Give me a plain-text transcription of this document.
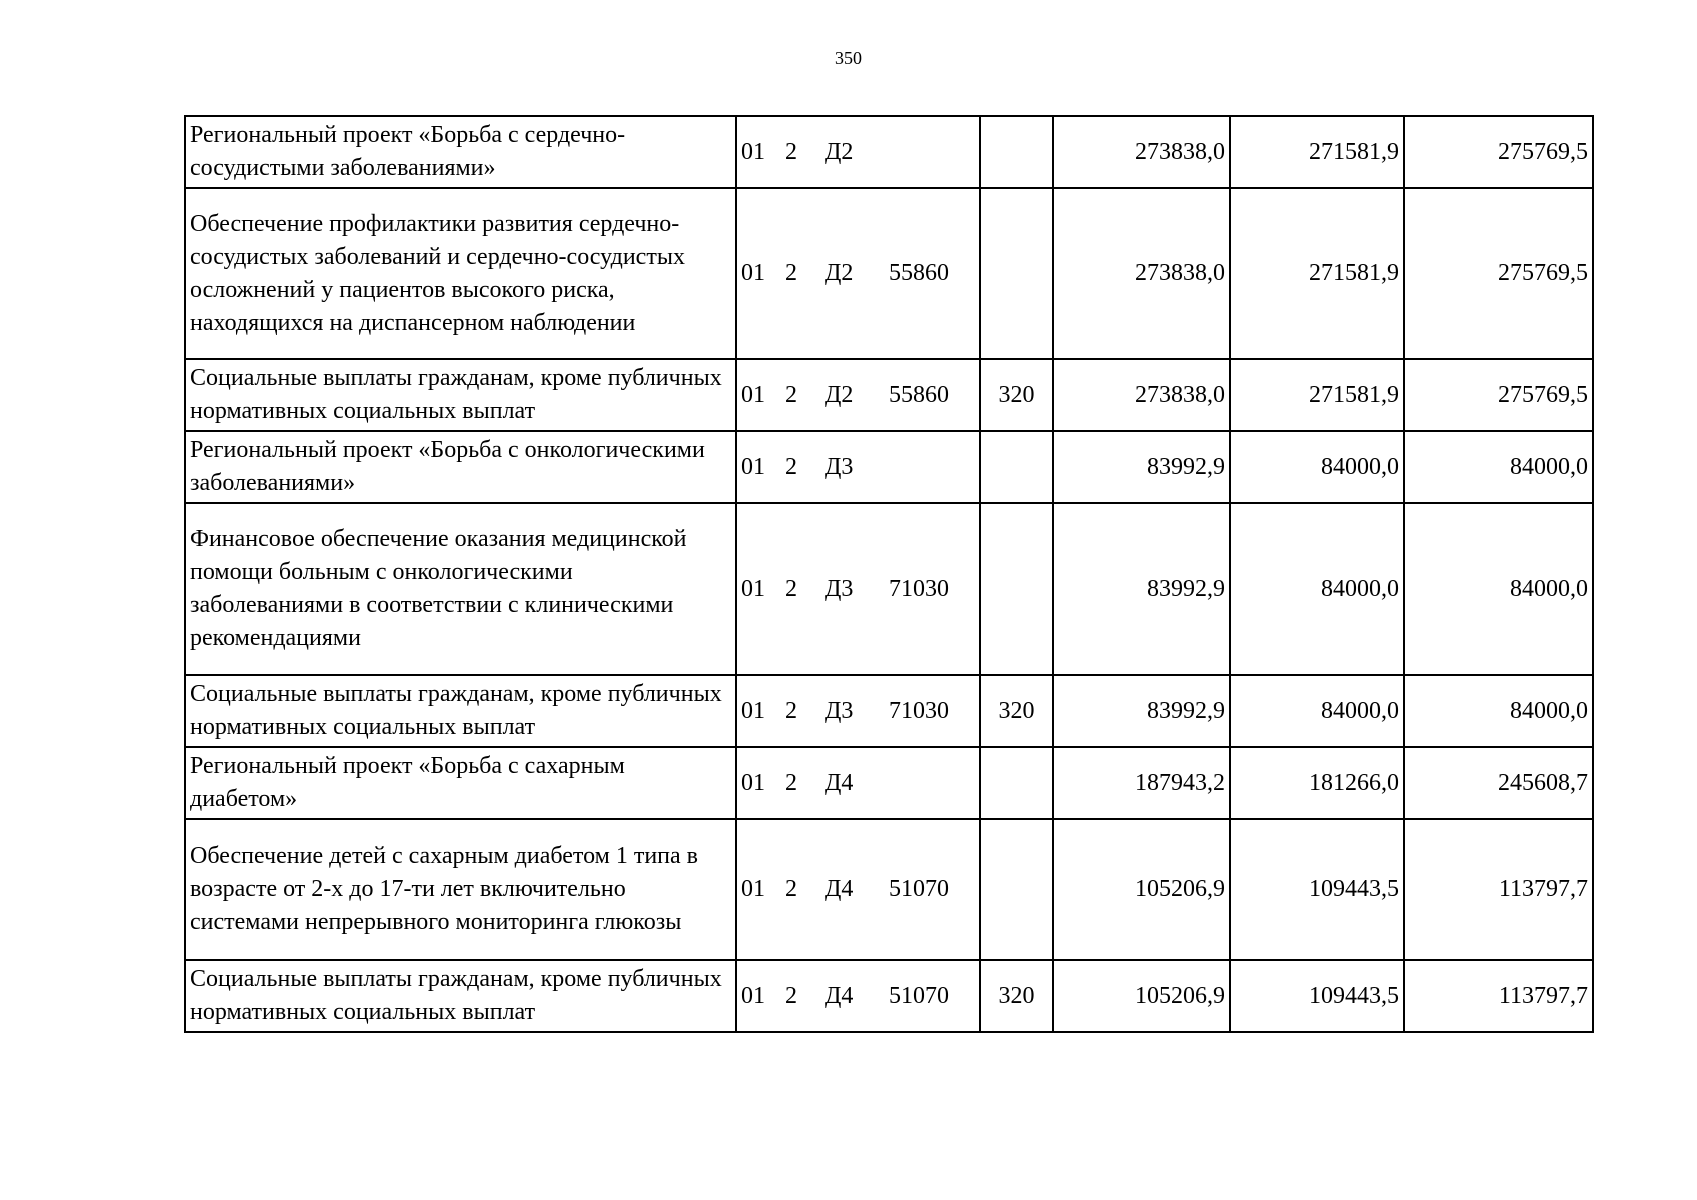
350
Региональный проект «Борьба с сердечно-сосудистыми заболеваниями»	01 2 Д2		273838,0	271581,9	275769,5
Обеспечение профилактики развития сердечно-сосудистых заболеваний и сердечно-сосудистых осложнений у пациентов высокого риска, находящихся на диспансерном наблюдении	01 2 Д2 55860		273838,0	271581,9	275769,5
Социальные выплаты гражданам, кроме публичных нормативных социальных выплат	01 2 Д2 55860	320	273838,0	271581,9	275769,5
Региональный проект «Борьба с онкологическими заболеваниями»	01 2 Д3		83992,9	84000,0	84000,0
Финансовое обеспечение оказания медицинской помощи больным с онкологическими заболеваниями в соответствии с клиническими рекомендациями	01 2 Д3 71030		83992,9	84000,0	84000,0
Социальные выплаты гражданам, кроме публичных нормативных социальных выплат	01 2 Д3 71030	320	83992,9	84000,0	84000,0
Региональный проект «Борьба с сахарным диабетом»	01 2 Д4		187943,2	181266,0	245608,7
Обеспечение детей с сахарным диабетом 1 типа в возрасте от 2-х до 17-ти лет включительно системами непрерывного мониторинга глюкозы	01 2 Д4 51070		105206,9	109443,5	113797,7
Социальные выплаты гражданам, кроме публичных нормативных социальных выплат	01 2 Д4 51070	320	105206,9	109443,5	113797,7
